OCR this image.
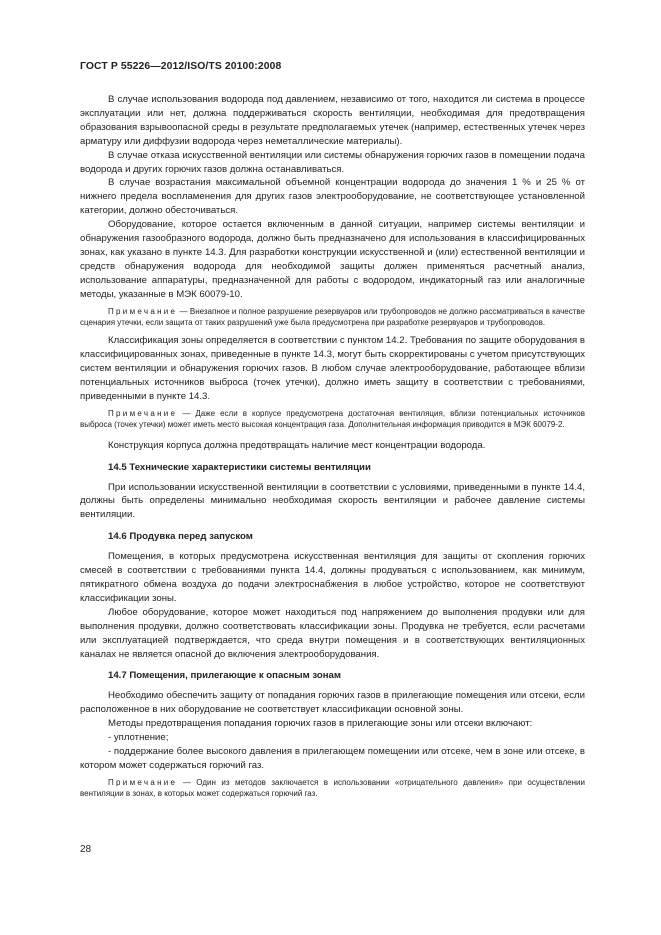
ГОСТ Р 55226—2012/ISO/TS 20100:2008

В случае использования водорода под давлением, независимо от того, находится ли система в процессе эксплуатации или нет, должна поддерживаться скорость вентиляции, необходимая для предотвращения образования взрывоопасной среды в результате предполагаемых утечек (например, естественных утечек через арматуру или диффузии водорода через неметаллические материалы).

В случае отказа искусственной вентиляции или системы обнаружения горючих газов в помещении подача водорода и других горючих газов должна останавливаться.

В случае возрастания максимальной объемной концентрации водорода до значения 1 % и 25 % от нижнего предела воспламенения для других газов электрооборудование, не соответствующее установленной категории, должно обесточиваться.

Оборудование, которое остается включенным в данной ситуации, например системы вентиляции и обнаружения газообразного водорода, должно быть предназначено для использования в классифицированных зонах, как указано в пункте 14.3. Для разработки конструкции искусственной и (или) естественной вентиляции и средств обнаружения водорода для необходимой защиты должен применяться расчетный анализ, использование аппаратуры, предназначенной для работы с водородом, индикаторный газ или аналогичные методы, указанные в МЭК 60079-10.

Примечание — Внезапное и полное разрушение резервуаров или трубопроводов не должно рассматриваться в качестве сценария утечки, если защита от таких разрушений уже была предусмотрена при разработке резервуаров и трубопроводов.

Классификация зоны определяется в соответствии с пунктом 14.2. Требования по защите оборудования в классифицированных зонах, приведенные в пункте 14.3, могут быть скорректированы с учетом присутствующих систем вентиляции и обнаружения горючих газов. В любом случае электрооборудование, работающее вблизи потенциальных источников выброса (точек утечки), должно иметь защиту в соответствии с требованиями, приведенными в пункте 14.3.

Примечание — Даже если в корпусе предусмотрена достаточная вентиляция, вблизи потенциальных источников выброса (точек утечки) может иметь место высокая концентрация газа. Дополнительная информация приводится в МЭК 60079-2.

Конструкция корпуса должна предотвращать наличие мест концентрации водорода.

14.5 Технические характеристики системы вентиляции

При использовании искусственной вентиляции в соответствии с условиями, приведенными в пункте 14.4, должны быть определены минимально необходимая скорость вентиляции и рабочее давление системы вентиляции.

14.6 Продувка перед запуском

Помещения, в которых предусмотрена искусственная вентиляция для защиты от скопления горючих смесей в соответствии с требованиями пункта 14.4, должны продуваться с использованием, как минимум, пятикратного обмена воздуха до подачи электроснабжения в любое устройство, которое не соответствуют классификации зоны.

Любое оборудование, которое может находиться под напряжением до выполнения продувки или для выполнения продувки, должно соответствовать классификации зоны. Продувка не требуется, если расчетами или эксплуатацией подтверждается, что среда внутри помещения и в соответствующих вентиляционных каналах не является опасной до включения электрооборудования.

14.7 Помещения, прилегающие к опасным зонам

Необходимо обеспечить защиту от попадания горючих газов в прилегающие помещения или отсеки, если расположенное в них оборудование не соответствует классификации основной зоны.

Методы предотвращения попадания горючих газов в прилегающие зоны или отсеки включают:

- уплотнение;

- поддержание более высокого давления в прилегающем помещении или отсеке, чем в зоне или отсеке, в котором может содержаться горючий газ.

Примечание — Один из методов заключается в использовании «отрицательного давления» при осуществлении вентиляции в зонах, в которых может содержаться горючий газ.

28
